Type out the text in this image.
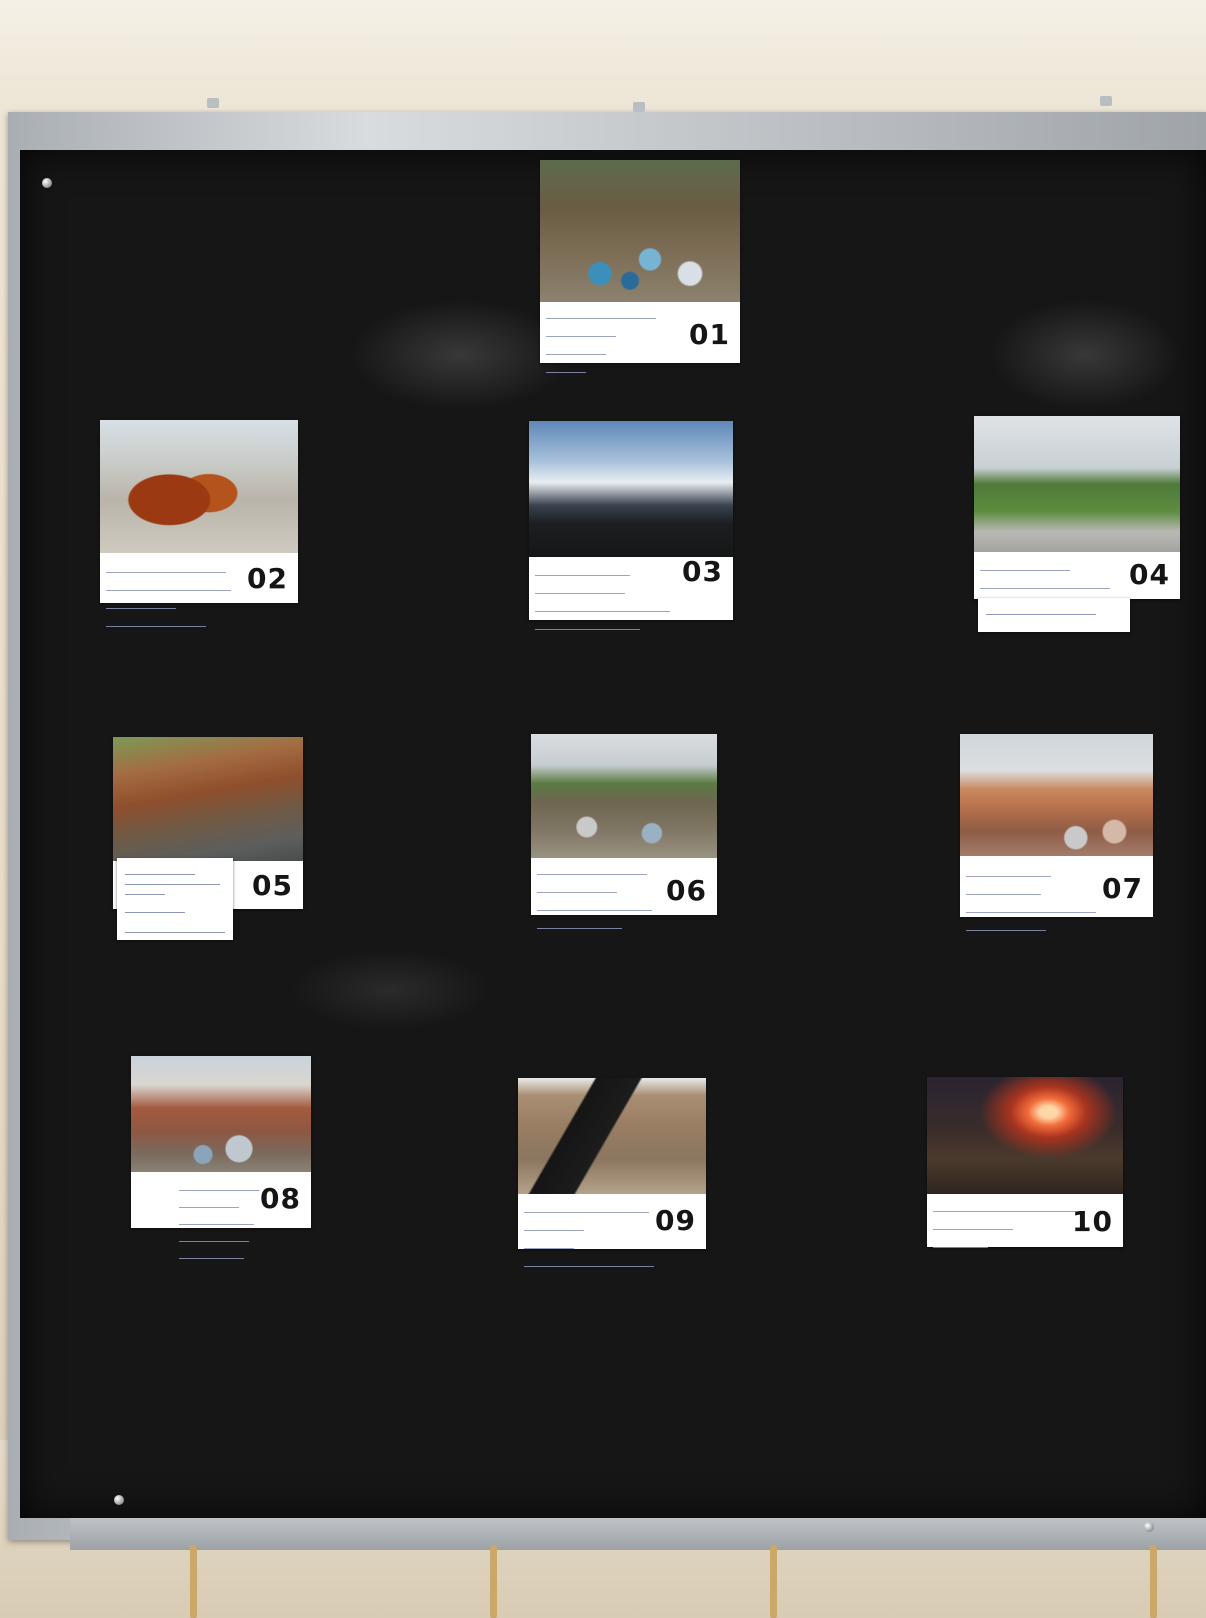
01

02	03	04
05	06	07

08

09	10
